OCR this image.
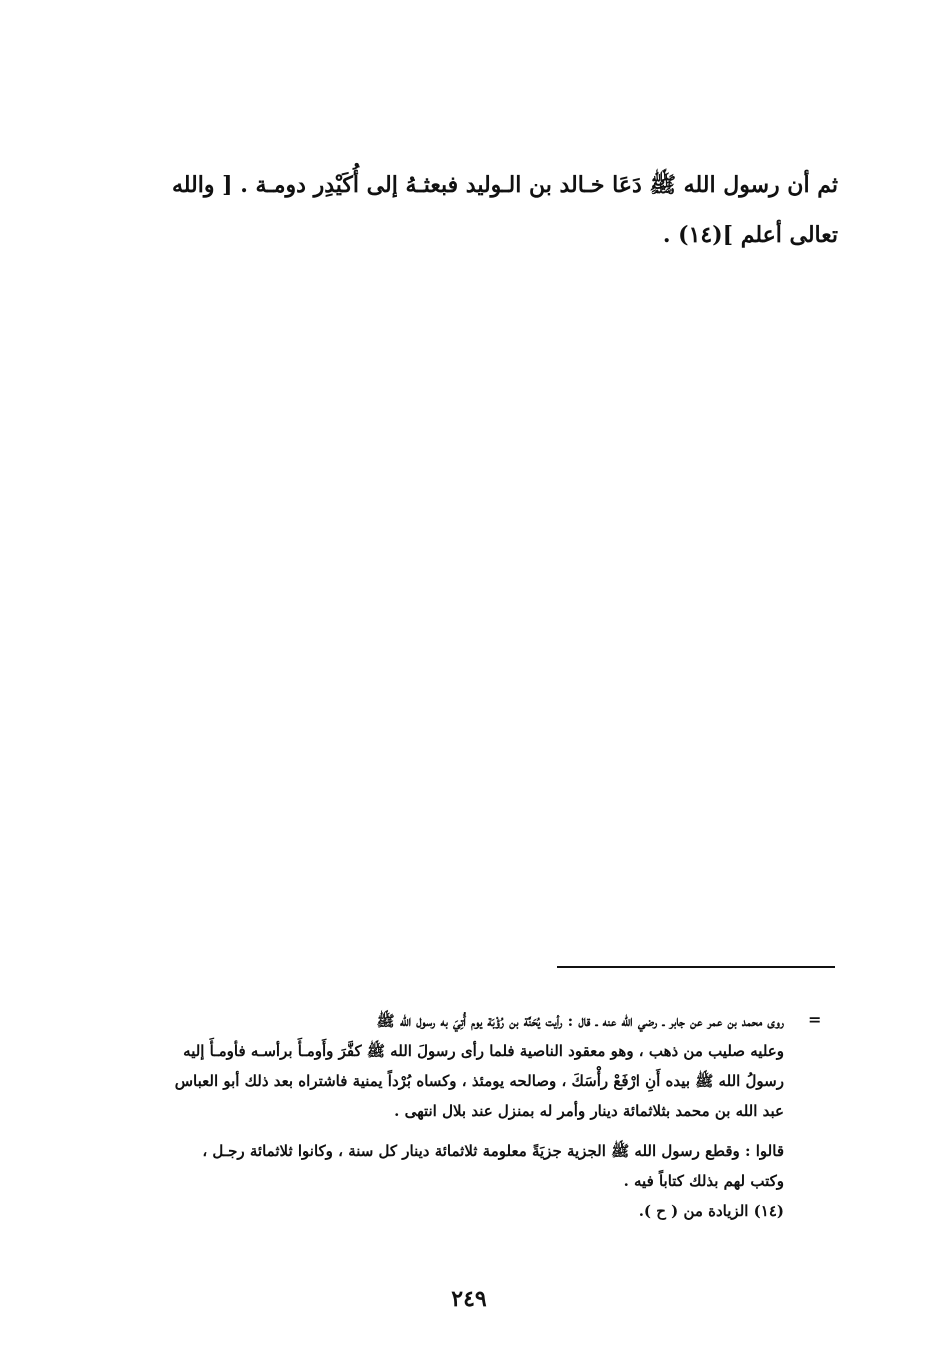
ثم أن رسول الله ﷺ دَعَا خـالد بن الـوليد فبعثـهُ إلى أُكَيْدِر دومـة . [ والله

تعالى أعلم ](١٤) .

=

روى محمد بن عمر عن جابر ـ رضي الله عنه ـ قال : رأيت يُحَنَّة بن رُؤْبَة يوم أُتِيَ به رسول الله ﷺ

وعليه صليب من ذهب ، وهو معقود الناصية فلما رأى رسولَ الله ﷺ كفَّرَ وأَومـأَ برأسـه فأومـأَ إليه

رسولُ الله ﷺ بيده أَنِ ارْفَعْ رأْسَكَ ، وصالحه يومئذ ، وكساه بُرْداً يمنية فاشتراه بعد ذلك أبو العباس

عبد الله بن محمد بثلاثمائة دينار وأمر له بمنزل عند بلال انتهى .

قالوا : وقطع رسول الله ﷺ الجزية جزيَةً معلومة ثلاثمائة دينار كل سنة ، وكانوا ثلاثمائة رجـل ،

وكتب لهم بذلك كتاباً فيه .

(١٤) الزيادة من ( ح ).

٢٤٩
